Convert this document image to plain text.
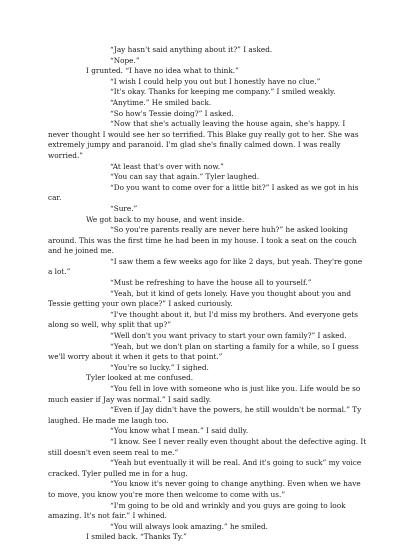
“Jay hasn't said anything about it?” I asked.

“Nope.”

I grunted. “I have no idea what to think.”

“I wish I could help you out but I honestly have no clue.”

“It's okay. Thanks for keeping me company.” I smiled weakly.

“Anytime.” He smiled back.

“So how's Tessie doing?” I asked.

“Now that she's actually leaving the house again, she's happy. I never thought I would see her so terrified. This Blake guy really got to her. She was extremely jumpy and paranoid. I'm glad she's finally calmed down. I was really worried.”

“At least that's over with now.”

“You can say that again.” Tyler laughed.

“Do you want to come over for a little bit?” I asked as we got in his car.

“Sure.”

We got back to my house, and went inside.

“So you're parents really are never here huh?” he asked looking around. This was the first time he had been in my house. I took a seat on the couch and he joined me.

“I saw them a few weeks ago for like 2 days, but yeah. They're gone a lot.”

“Must be refreshing to have the house all to yourself.”

“Yeah, but it kind of gets lonely. Have you thought about you and Tessie getting your own place?” I asked curiously.

“I've thought about it, but I'd miss my brothers. And everyone gets along so well, why split that up?”

“Well don't you want privacy to start your own family?” I asked.

“Yeah, but we don't plan on starting a family for a while, so I guess we'll worry about it when it gets to that point.”

“You're so lucky.” I sighed.

Tyler looked at me confused.

“You fell in love with someone who is just like you. Life would be so much easier if Jay was normal.” I said sadly.

“Even if Jay didn't have the powers, he still wouldn't be normal.” Ty laughed. He made me laugh too.

“You know what I mean.” I said dully.

“I know. See I never really even thought about the defective aging. It still doesn't even seem real to me.”

“Yeah but eventually it will be real. And it's going to suck” my voice cracked. Tyler pulled me in for a hug.

“You know it's never going to change anything. Even when we have to move, you know you're more then welcome to come with us.”

“I'm going to be old and wrinkly and you guys are going to look amazing. It's not fair.” I whined.

“You will always look amazing.” he smiled.

I smiled back. “Thanks Ty.”
